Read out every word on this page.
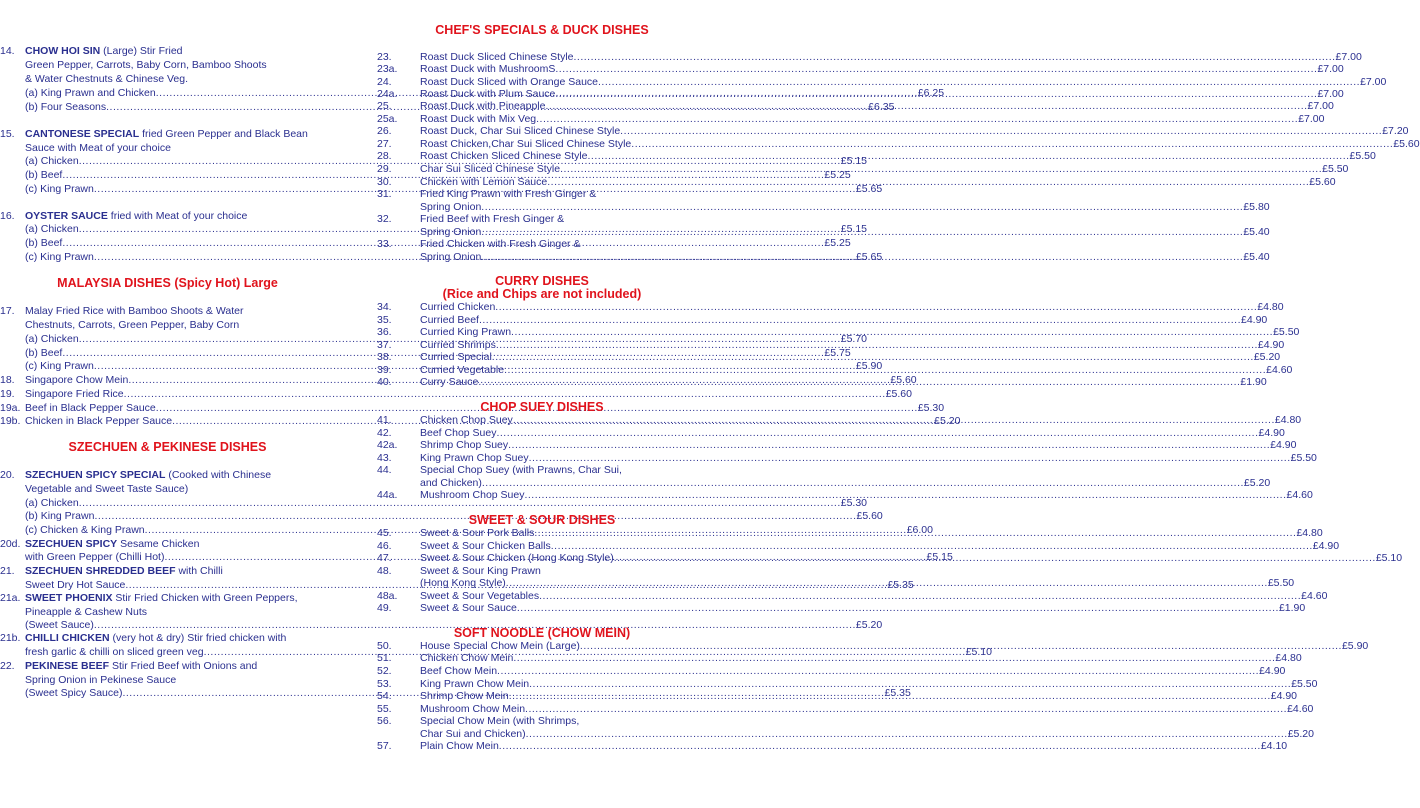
MALAYSIA DISHES (Spicy Hot) Large
SZECHUEN & PEKINESE DISHES
14. CHOW HOI SIN (Large) Stir Fried
Green Pepper, Carrots, Baby Corn, Bamboo Shoots
& Water Chestnuts & Chinese Veg.
(a) King Prawn and Chicken .....	£6.25
(b) Four Seasons .....	£6.35
15. CANTONESE SPECIAL fried Green Pepper and Black Bean
Sauce with Meat of your choice
(a) Chicken .....	£5.15
(b) Beef .....	£5.25
(c) King Prawn .....	£5.65
16. OYSTER SAUCE fried with Meat of your choice
(a) Chicken .....	£5.15
(b) Beef .....	£5.25
(c) King Prawn .....	£5.65
17. Malay Fried Rice with Bamboo Shoots & Water
Chestnuts, Carrots, Green Pepper, Baby Corn
(a) Chicken .....	£5.70
(b) Beef .....	£5.75
(c) King Prawn .....	£5.90
18. Singapore Chow Mein .....	£5.60
19. Singapore Fried Rice .....	£5.60
19a. Beef in Black Pepper Sauce .....	£5.30
19b. Chicken in Black Pepper Sauce .....	£5.20
20. SZECHUEN SPICY SPECIAL (Cooked with Chinese
Vegetable and Sweet Taste Sauce)
(a) Chicken .....	£5.30
(b) King Prawn .....	£5.60
(c) Chicken & King Prawn .....	£6.00
20d. SZECHUEN SPICY Sesame Chicken
with Green Pepper (Chilli Hot) .....	£5.15
21. SZECHUEN SHREDDED BEEF with Chilli
Sweet Dry Hot Sauce .....	£5.35
21a. SWEET PHOENIX Stir Fried Chicken with Green Peppers,
Pineapple & Cashew Nuts
(Sweet Sauce) .....	£5.20
21b. CHILLI CHICKEN (very hot & dry) Stir fried chicken with
fresh garlic & chilli on sliced green veg .....	£5.10
22. PEKINESE BEEF Stir Fried Beef with Onions and
Spring Onion in Pekinese Sauce
(Sweet Spicy Sauce) .....	£5.35
CHEF'S SPECIALS & DUCK DISHES
CURRY DISHES
(Rice and Chips are not included)
CHOP SUEY DISHES
SWEET & SOUR DISHES
SOFT NOODLE (CHOW MEIN)
23.	Roast Duck Sliced Chinese Style .....	£7.00
23a.	Roast Duck with MushroomS .....	£7.00
24.	Roast Duck Sliced with Orange Sauce .....	£7.00
24a.	Roast Duck with Plum Sauce .....	£7.00
25.	Roast Duck with Pineapple .....	£7.00
25a.	Roast Duck with Mix Veg .....	£7.00
26.	Roast Duck, Char Sui Sliced Chinese Style .....	£7.20
27.	Roast Chicken,Char Sui Sliced Chinese Style .....	£5.60
28.	Roast Chicken Sliced Chinese Style .....	£5.50
29.	Char Sui Sliced Chinese Style .....	£5.50
30.	Chicken with Lemon Sauce .....	£5.60
31.	Fried King Prawn with Fresh Ginger &
Spring Onion .....	£5.80
32.	Fried Beef with Fresh Ginger &
Spring Onion .....	£5.40
33.	Fried Chicken with Fresh Ginger &
Spring Onion .....	£5.40
34.	Curried Chicken .....	£4.80
35.	Curried Beef .....	£4.90
36.	Curried King Prawn .....	£5.50
37.	Curried Shrimps .....	£4.90
38.	Curried Special .....	£5.20
39.	Curried Vegetable .....	£4.60
40.	Curry Sauce .....	£1.90
41.	Chicken Chop Suey .....	£4.80
42.	Beef Chop Suey .....	£4.90
42a.	Shrimp Chop Suey .....	£4.90
43.	King Prawn Chop Suey .....	£5.50
44.	Special Chop Suey (with Prawns, Char Sui,
and Chicken) .....	£5.20
44a.	Mushroom Chop Suey .....	£4.60
45.	Sweet & Sour Pork Balls .....	£4.80
46.	Sweet & Sour Chicken Balls .....	£4.90
47.	Sweet & Sour Chicken (Hong Kong Style) .....	£5.10
48.	Sweet & Sour King Prawn
(Hong Kong Style) .....	£5.50
48a.	Sweet & Sour Vegetables .....	£4.60
49.	Sweet & Sour Sauce .....	£1.90
50.	House Special Chow Mein (Large) .....	£5.90
51.	Chicken Chow Mein .....	£4.80
52.	Beef Chow Mein .....	£4.90
53.	King Prawn Chow Mein .....	£5.50
54.	Shrimp Chow Mein .....	£4.90
55.	Mushroom Chow Mein .....	£4.60
56.	Special Chow Mein (with Shrimps,
Char Sui and Chicken) .....	£5.20
57.	Plain Chow Mein .....	£4.10
